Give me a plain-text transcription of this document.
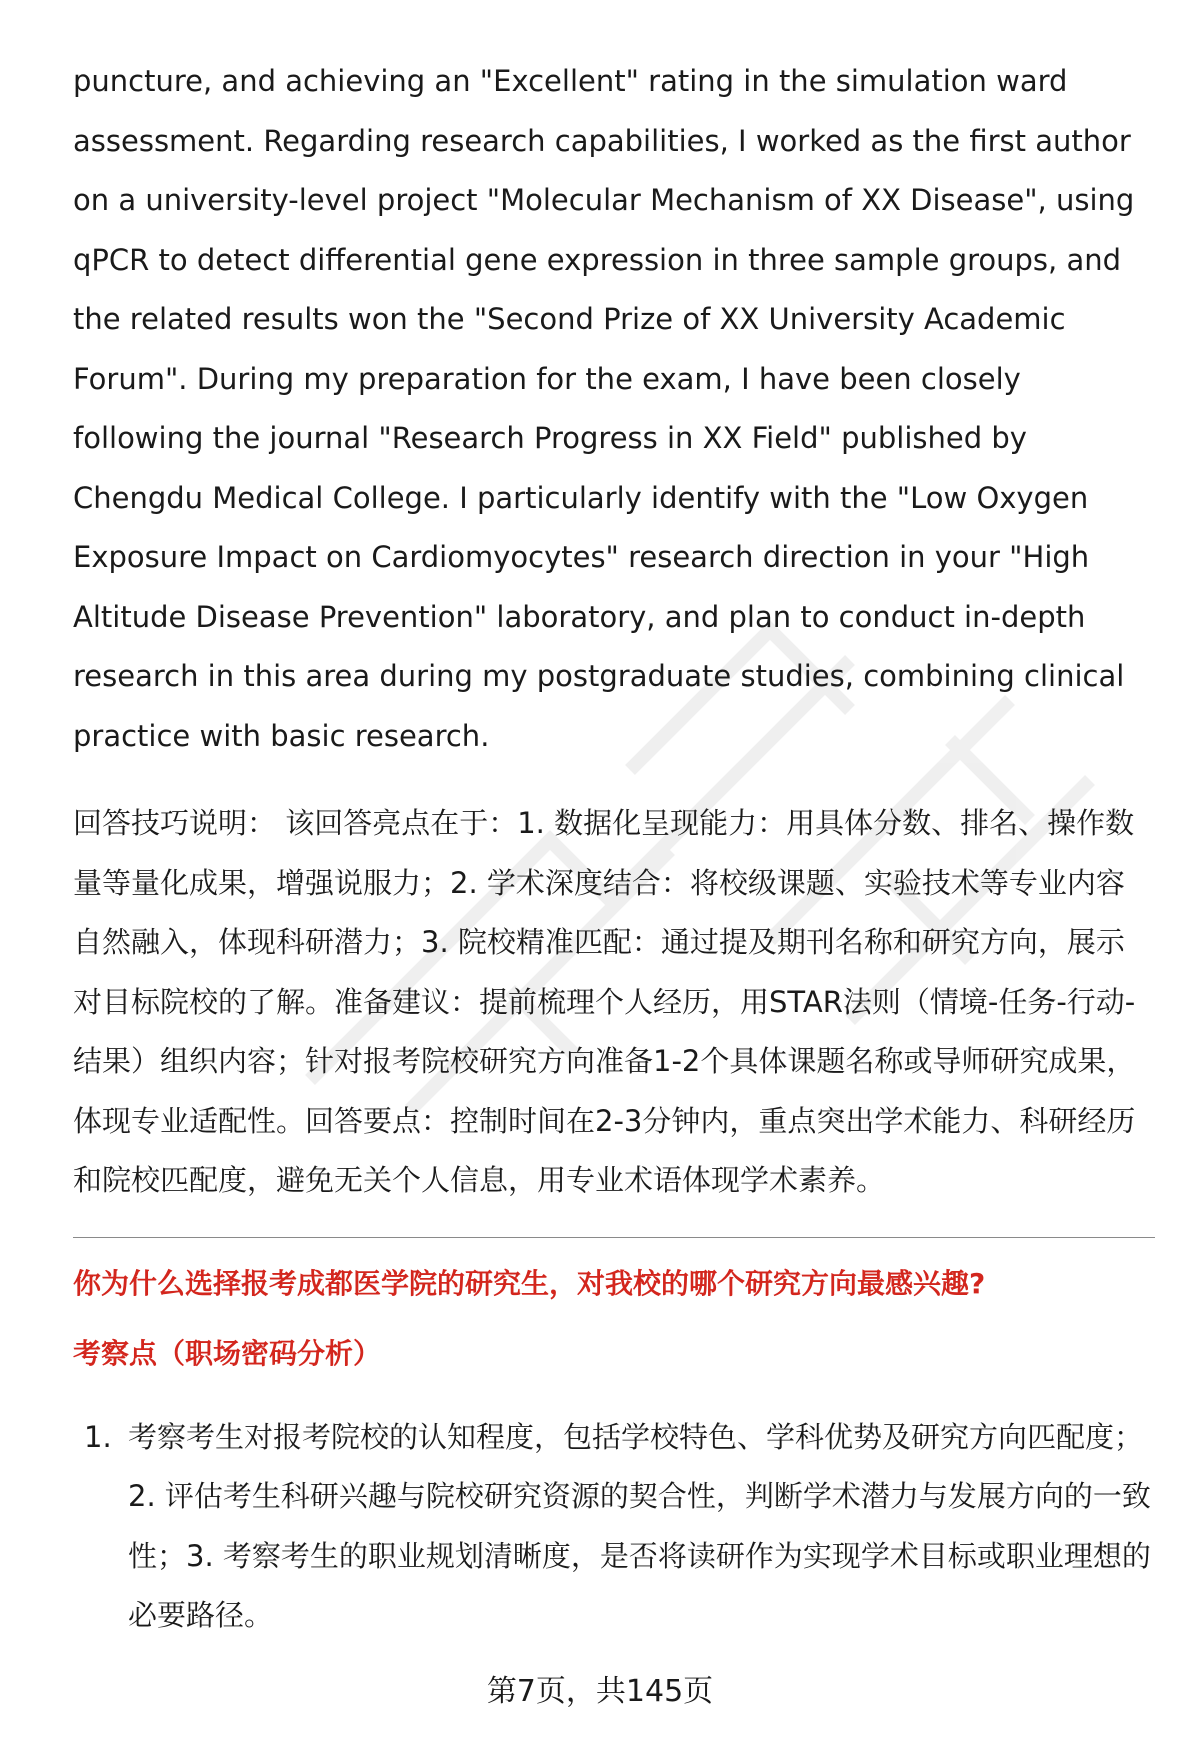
puncture, and achieving an "Excellent" rating in the simulation ward assessment. Regarding research capabilities, I worked as the first author on a university-level project "Molecular Mechanism of XX Disease", using qPCR to detect differential gene expression in three sample groups, and the related results won the "Second Prize of XX University Academic Forum". During my preparation for the exam, I have been closely following the journal "Research Progress in XX Field" published by Chengdu Medical College. I particularly identify with the "Low Oxygen Exposure Impact on Cardiomyocytes" research direction in your "High Altitude Disease Prevention" laboratory, and plan to conduct in-depth research in this area during my postgraduate studies, combining clinical practice with basic research.

回答技巧说明： 该回答亮点在于：1. 数据化呈现能力：用具体分数、排名、操作数量等量化成果，增强说服力；2. 学术深度结合：将校级课题、实验技术等专业内容自然融入，体现科研潜力；3. 院校精准匹配：通过提及期刊名称和研究方向，展示对目标院校的了解。准备建议：提前梳理个人经历，用STAR法则（情境-任务-行动-结果）组织内容；针对报考院校研究方向准备1-2个具体课题名称或导师研究成果，体现专业适配性。回答要点：控制时间在2-3分钟内，重点突出学术能力、科研经历和院校匹配度，避免无关个人信息，用专业术语体现学术素养。

你为什么选择报考成都医学院的研究生，对我校的哪个研究方向最感兴趣?
考察点（职场密码分析）
1. 考察考生对报考院校的认知程度，包括学校特色、学科优势及研究方向匹配度；2. 评估考生科研兴趣与院校研究资源的契合性，判断学术潜力与发展方向的一致性；3. 考察考生的职业规划清晰度，是否将读研作为实现学术目标或职业理想的必要路径。
第7页，共145页
